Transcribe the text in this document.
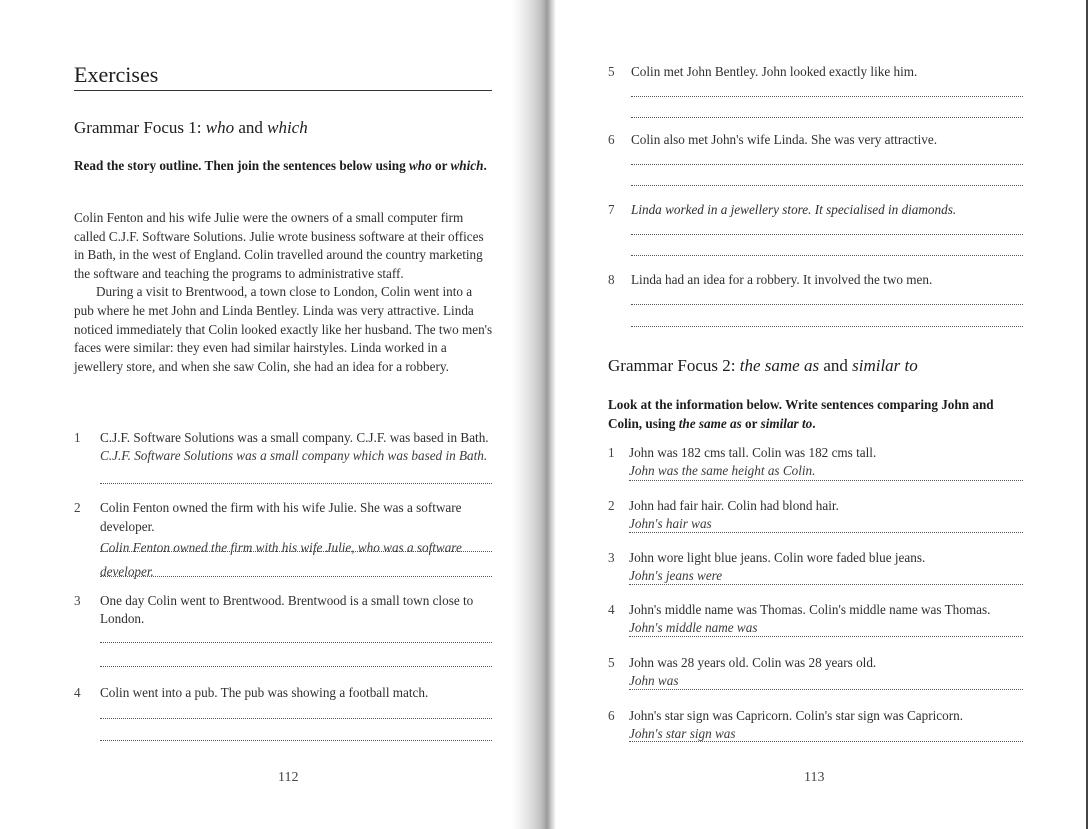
Exercises
Grammar Focus 1: who and which
Read the story outline. Then join the sentences below using who or which.

Colin Fenton and his wife Julie were the owners of a small computer firm called C.J.F. Software Solutions. Julie wrote business software at their offices in Bath, in the west of England. Colin travelled around the country marketing the software and teaching the programs to administrative staff.

During a visit to Brentwood, a town close to London, Colin went into a pub where he met John and Linda Bentley. Linda was very attractive. Linda noticed immediately that Colin looked exactly like her husband. The two men's faces were similar: they even had similar hairstyles. Linda worked in a jewellery store, and when she saw Colin, she had an idea for a robbery.

1 C.J.F. Software Solutions was a small company. C.J.F. was based in Bath.
C.J.F. Software Solutions was a small company which was based in Bath.
2 Colin Fenton owned the firm with his wife Julie. She was a software developer.
Colin Fenton owned the firm with his wife Julie, who was a software developer.
3 One day Colin went to Brentwood. Brentwood is a small town close to London.
4 Colin went into a pub. The pub was showing a football match.
112
5 Colin met John Bentley. John looked exactly like him.
6 Colin also met John's wife Linda. She was very attractive.
7 Linda worked in a jewellery store. It specialised in diamonds.
8 Linda had an idea for a robbery. It involved the two men.
Grammar Focus 2: the same as and similar to
Look at the information below. Write sentences comparing John and Colin, using the same as or similar to.
1 John was 182 cms tall. Colin was 182 cms tall.
John was the same height as Colin.
2 John had fair hair. Colin had blond hair.
John's hair was
3 John wore light blue jeans. Colin wore faded blue jeans.
John's jeans were
4 John's middle name was Thomas. Colin's middle name was Thomas.
John's middle name was
5 John was 28 years old. Colin was 28 years old.
John was
6 John's star sign was Capricorn. Colin's star sign was Capricorn.
John's star sign was
113
